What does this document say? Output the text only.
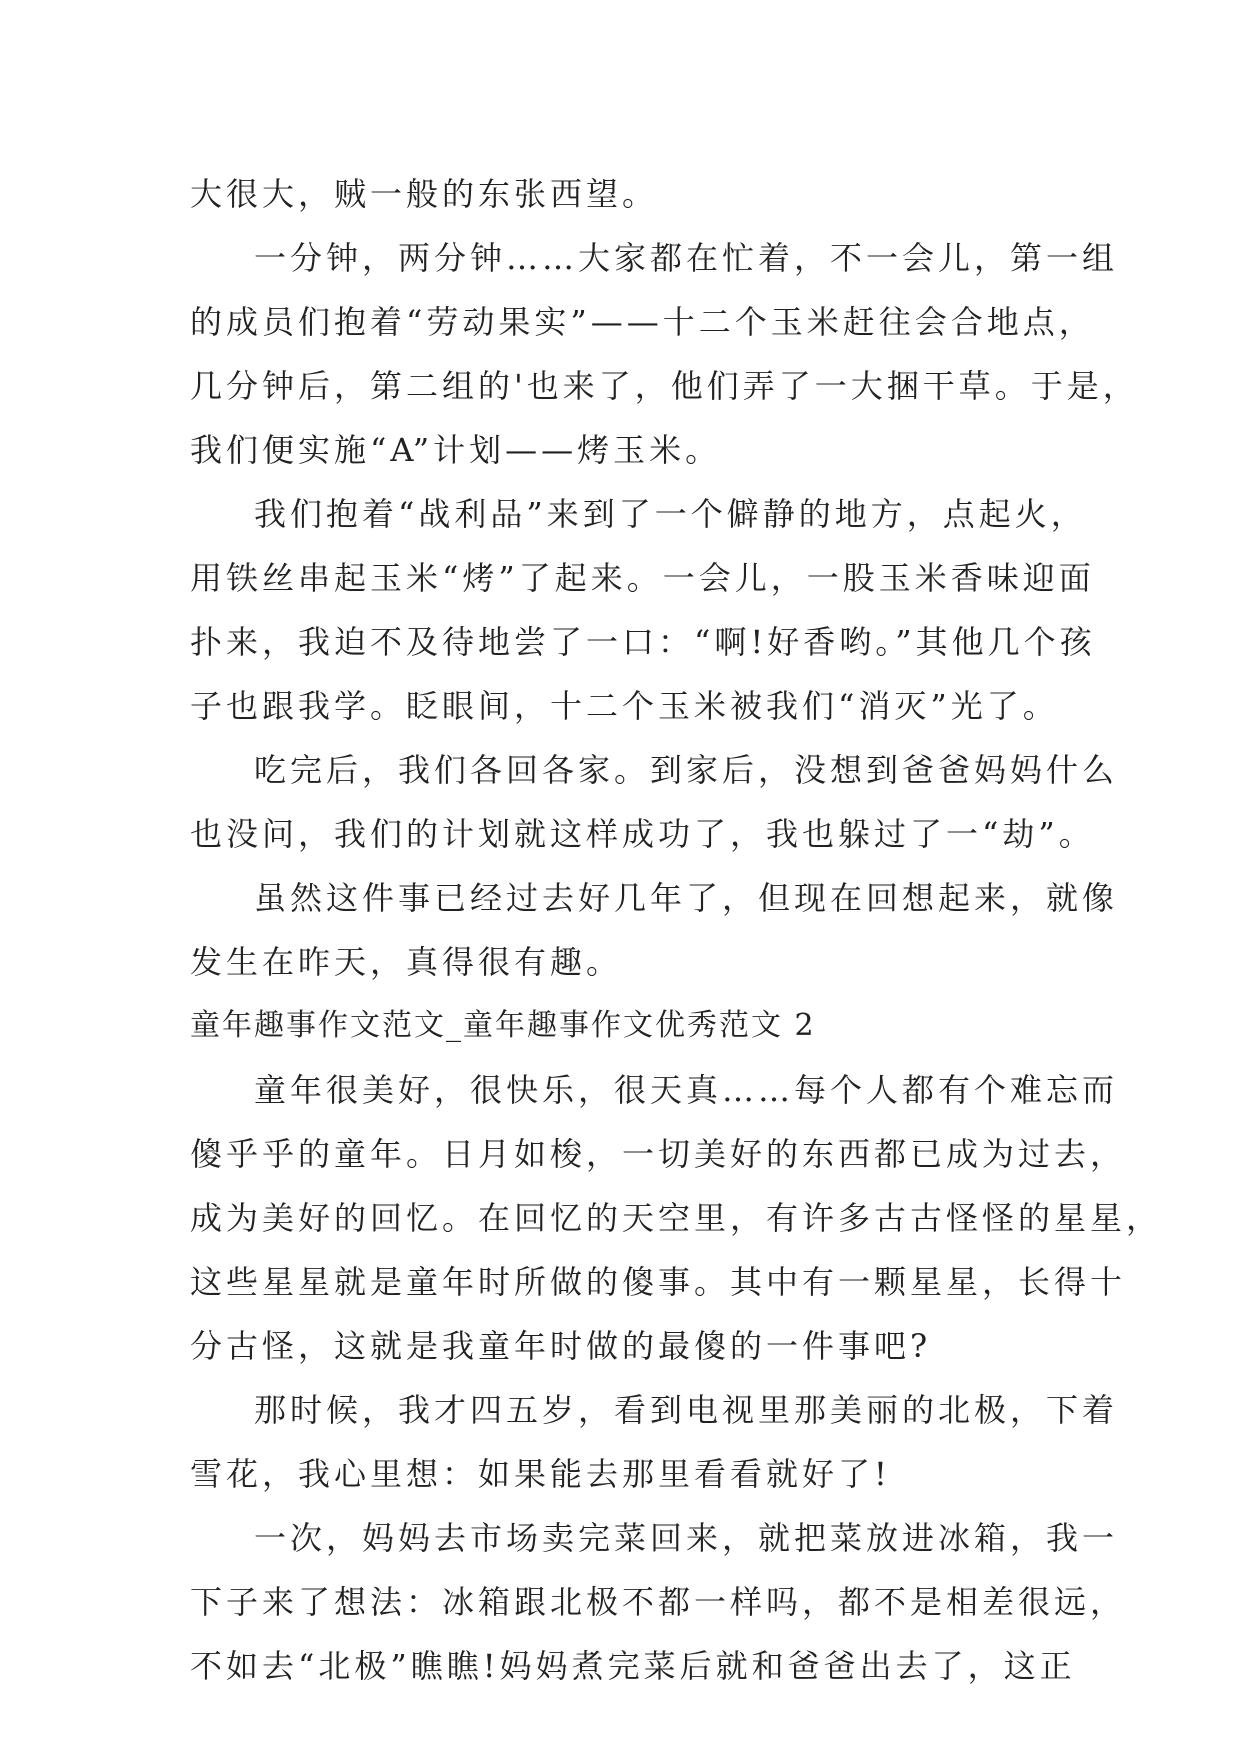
大很大，贼一般的东张西望。
一分钟，两分钟……大家都在忙着，不一会儿，第一组
的成员们抱着“劳动果实”——十二个玉米赶往会合地点，
几分钟后，第二组的'也来了，他们弄了一大捆干草。于是，
我们便实施“A”计划——烤玉米。
我们抱着“战利品”来到了一个僻静的地方，点起火，
用铁丝串起玉米“烤”了起来。一会儿，一股玉米香味迎面
扑来，我迫不及待地尝了一口：“啊!好香哟。”其他几个孩
子也跟我学。眨眼间，十二个玉米被我们“消灭”光了。
吃完后，我们各回各家。到家后，没想到爸爸妈妈什么
也没问，我们的计划就这样成功了，我也躲过了一“劫”。
虽然这件事已经过去好几年了，但现在回想起来，就像
发生在昨天，真得很有趣。
童年趣事作文范文_童年趣事作文优秀范文 2
童年很美好，很快乐，很天真……每个人都有个难忘而
傻乎乎的童年。日月如梭，一切美好的东西都已成为过去，
成为美好的回忆。在回忆的天空里，有许多古古怪怪的星星，
这些星星就是童年时所做的傻事。其中有一颗星星，长得十
分古怪，这就是我童年时做的最傻的一件事吧?
那时候，我才四五岁，看到电视里那美丽的北极，下着
雪花，我心里想：如果能去那里看看就好了!
一次，妈妈去市场卖完菜回来，就把菜放进冰箱，我一
下子来了想法：冰箱跟北极不都一样吗，都不是相差很远，
不如去“北极”瞧瞧!妈妈煮完菜后就和爸爸出去了，这正
